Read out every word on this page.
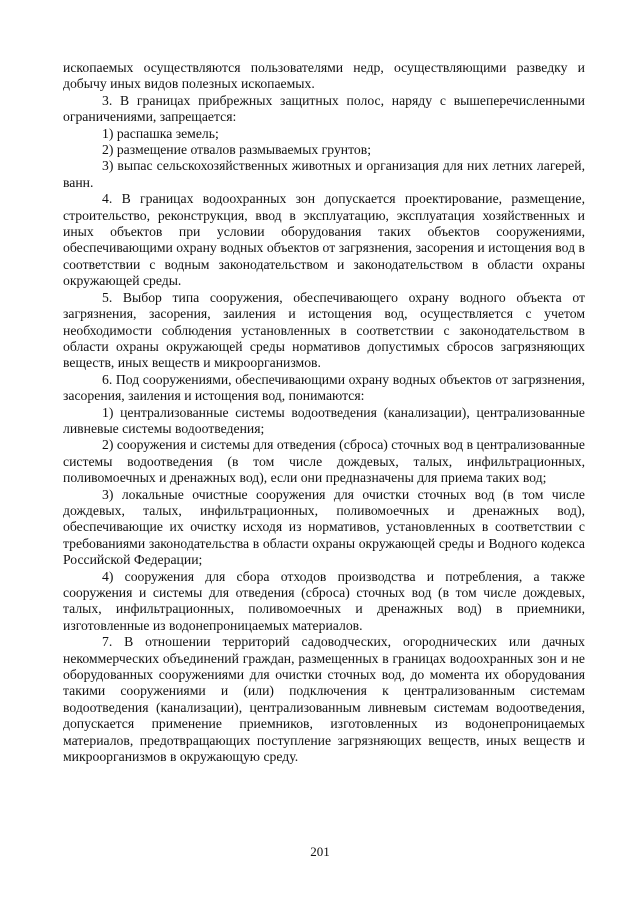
ископаемых осуществляются пользователями недр, осуществляющими разведку и добычу иных видов полезных ископаемых.

3. В границах прибрежных защитных полос, наряду с вышеперечисленными ограничениями, запрещается:

1) распашка земель;

2) размещение отвалов размываемых грунтов;

3) выпас сельскохозяйственных животных и организация для них летних лагерей, ванн.

4. В границах водоохранных зон допускается проектирование, размещение, строительство, реконструкция, ввод в эксплуатацию, эксплуатация хозяйственных и иных объектов при условии оборудования таких объектов сооружениями, обеспечивающими охрану водных объектов от загрязнения, засорения и истощения вод в соответствии с водным законодательством и законодательством в области охраны окружающей среды.

5. Выбор типа сооружения, обеспечивающего охрану водного объекта от загрязнения, засорения, заиления и истощения вод, осуществляется с учетом необходимости соблюдения установленных в соответствии с законодательством в области охраны окружающей среды нормативов допустимых сбросов загрязняющих веществ, иных веществ и микроорганизмов.

6. Под сооружениями, обеспечивающими охрану водных объектов от загрязнения, засорения, заиления и истощения вод, понимаются:

1) централизованные системы водоотведения (канализации), централизованные ливневые системы водоотведения;

2) сооружения и системы для отведения (сброса) сточных вод в централизованные системы водоотведения (в том числе дождевых, талых, инфильтрационных, поливомоечных и дренажных вод), если они предназначены для приема таких вод;

3) локальные очистные сооружения для очистки сточных вод (в том числе дождевых, талых, инфильтрационных, поливомоечных и дренажных вод), обеспечивающие их очистку исходя из нормативов, установленных в соответствии с требованиями законодательства в области охраны окружающей среды и Водного кодекса Российской Федерации;

4) сооружения для сбора отходов производства и потребления, а также сооружения и системы для отведения (сброса) сточных вод (в том числе дождевых, талых, инфильтрационных, поливомоечных и дренажных вод) в приемники, изготовленные из водонепроницаемых материалов.

7. В отношении территорий садоводческих, огороднических или дачных некоммерческих объединений граждан, размещенных в границах водоохранных зон и не оборудованных сооружениями для очистки сточных вод, до момента их оборудования такими сооружениями и (или) подключения к централизованным системам водоотведения (канализации), централизованным ливневым системам водоотведения, допускается применение приемников, изготовленных из водонепроницаемых материалов, предотвращающих поступление загрязняющих веществ, иных веществ и микроорганизмов в окружающую среду.

201
